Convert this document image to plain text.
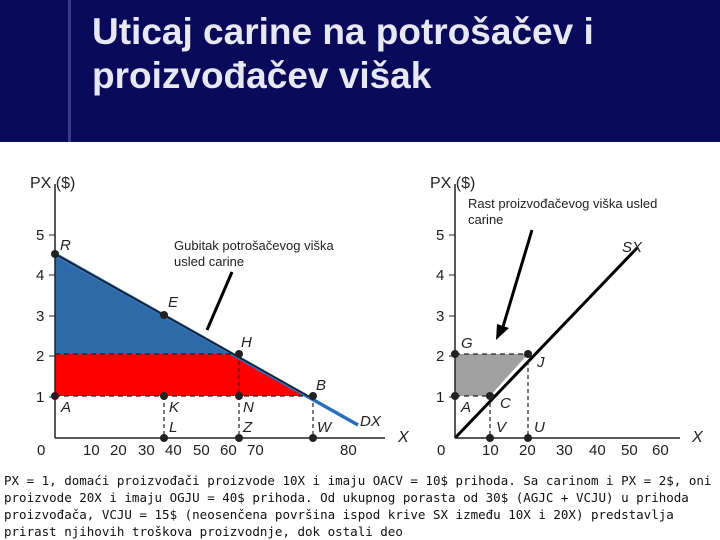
Uticaj carine na potrošačev i
proizvođačev višak
1
2
3
4
5
PX ($)
0	10 20 30 40 50 60 70	80
X
DX
R
E
H
B
A	K	N
L	Z	W
1
2
3
4
5
PX ($)
0 10 20 30 40 50 60
X
SX
G
J
A C
V U
Gubitak potrošačevog viška usled carine
Rast proizvođačevog viška usled carine
PX = 1, domaći proizvođači proizvode 10X i imaju OACV = 10$ prihoda. Sa carinom i PX = 2$, oni proizvode 20X i imaju OGJU = 40$ prihoda. Od ukupnog porasta od 30$ (AGJC + VCJU) u prihoda proizvođača, VCJU = 15$ (neosenčena površina ispod krive SX između 10X i 20X) predstavlja prirast njihovih troškova proizvodnje, dok ostali deo
